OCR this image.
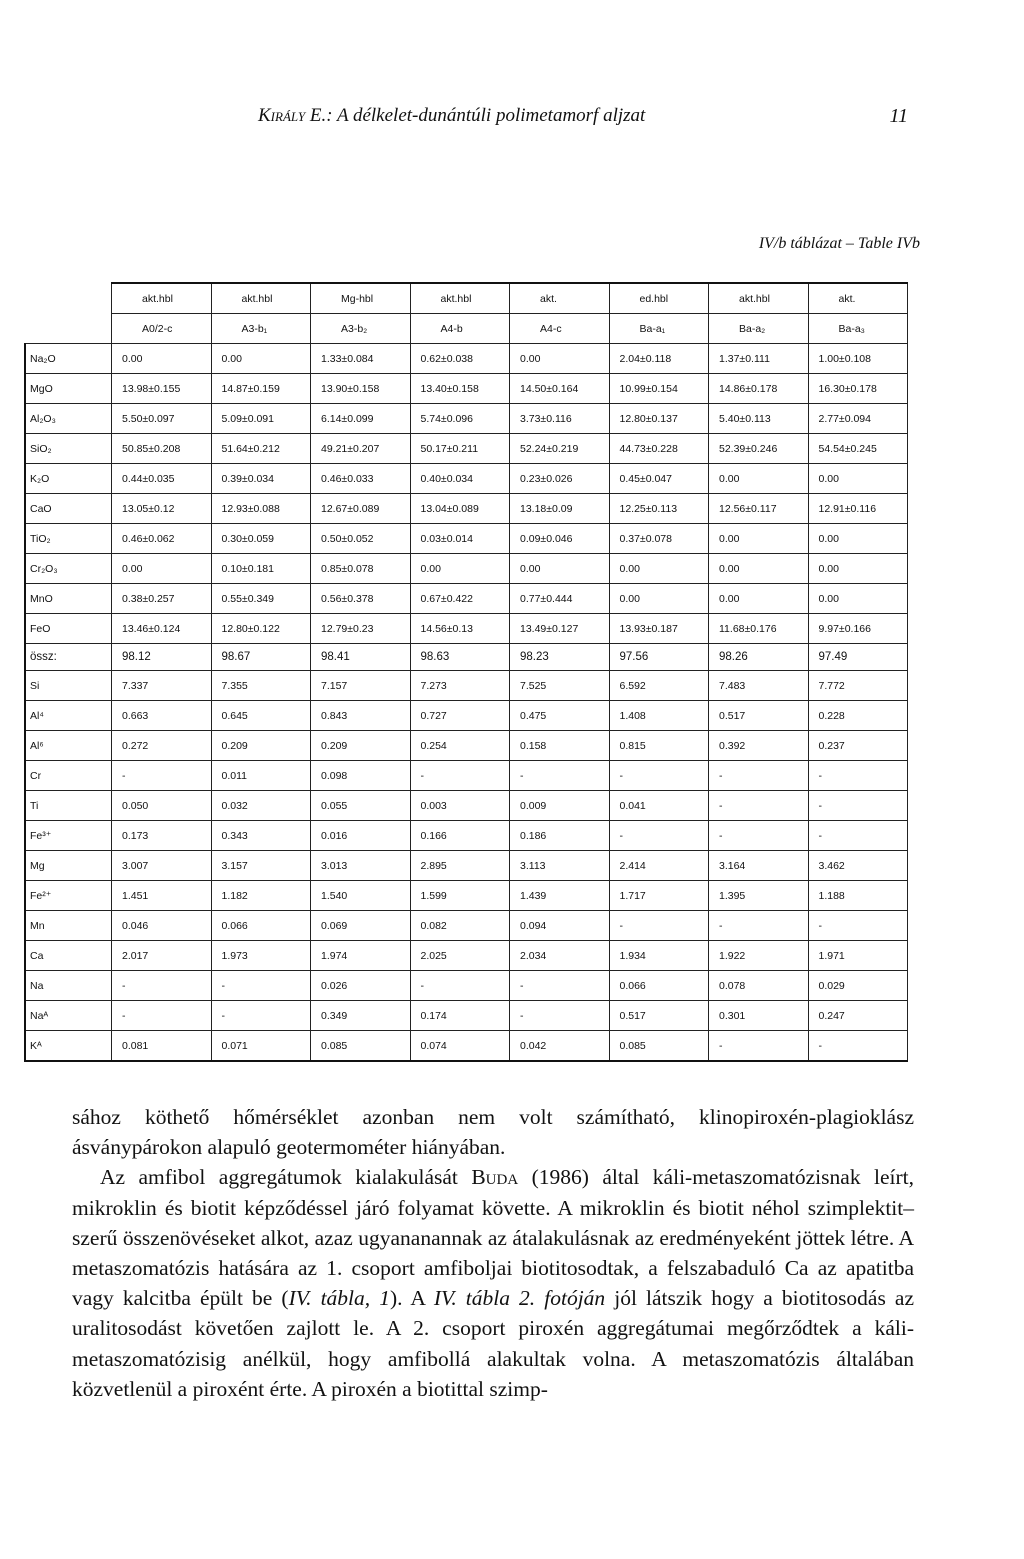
Király E.: A délkelet-dunántúli polimetamorf aljzat	11
IV/b táblázat – Table IVb
	akt.hbl	akt.hbl	Mg-hbl	akt.hbl	akt.	ed.hbl	akt.hbl	akt.
	A0/2-c	A3-b₁	A3-b₂	A4-b	A4-c	Ba-a₁	Ba-a₂	Ba-a₃
Na₂O	0.00	0.00	1.33±0.084	0.62±0.038	0.00	2.04±0.118	1.37±0.111	1.00±0.108
MgO	13.98±0.155	14.87±0.159	13.90±0.158	13.40±0.158	14.50±0.164	10.99±0.154	14.86±0.178	16.30±0.178
Al₂O₃	5.50±0.097	5.09±0.091	6.14±0.099	5.74±0.096	3.73±0.116	12.80±0.137	5.40±0.113	2.77±0.094
SiO₂	50.85±0.208	51.64±0.212	49.21±0.207	50.17±0.211	52.24±0.219	44.73±0.228	52.39±0.246	54.54±0.245
K₂O	0.44±0.035	0.39±0.034	0.46±0.033	0.40±0.034	0.23±0.026	0.45±0.047	0.00	0.00
CaO	13.05±0.12	12.93±0.088	12.67±0.089	13.04±0.089	13.18±0.09	12.25±0.113	12.56±0.117	12.91±0.116
TiO₂	0.46±0.062	0.30±0.059	0.50±0.052	0.03±0.014	0.09±0.046	0.37±0.078	0.00	0.00
Cr₂O₃	0.00	0.10±0.181	0.85±0.078	0.00	0.00	0.00	0.00	0.00
MnO	0.38±0.257	0.55±0.349	0.56±0.378	0.67±0.422	0.77±0.444	0.00	0.00	0.00
FeO	13.46±0.124	12.80±0.122	12.79±0.23	14.56±0.13	13.49±0.127	13.93±0.187	11.68±0.176	9.97±0.166
össz:	98.12	98.67	98.41	98.63	98.23	97.56	98.26	97.49
Si	7.337	7.355	7.157	7.273	7.525	6.592	7.483	7.772
Al⁴	0.663	0.645	0.843	0.727	0.475	1.408	0.517	0.228
Al⁶	0.272	0.209	0.209	0.254	0.158	0.815	0.392	0.237
Cr	-	0.011	0.098	-	-	-	-	-
Ti	0.050	0.032	0.055	0.003	0.009	0.041	-	-
Fe³⁺	0.173	0.343	0.016	0.166	0.186	-	-	-
Mg	3.007	3.157	3.013	2.895	3.113	2.414	3.164	3.462
Fe²⁺	1.451	1.182	1.540	1.599	1.439	1.717	1.395	1.188
Mn	0.046	0.066	0.069	0.082	0.094	-	-	-
Ca	2.017	1.973	1.974	2.025	2.034	1.934	1.922	1.971
Na	-	-	0.026	-	-	0.066	0.078	0.029
Naᴬ	-	-	0.349	0.174	-	0.517	0.301	0.247
Kᴬ	0.081	0.071	0.085	0.074	0.042	0.085	-	-

sához köthető hőmérséklet azonban nem volt számítható, klinopiroxén-plagioklász ásványpárokon alapuló geotermométer hiányában.

Az amfibol aggregátumok kialakulását Buda (1986) által káli-metaszomatózisnak leírt, mikroklin és biotit képződéssel járó folyamat követte. A mikroklin és biotit néhol szimplektit–szerű összenövéseket alkot, azaz ugyananannak az átalakulásnak az eredményeként jöttek létre. A metaszomatózis hatására az 1. csoport amfiboljai biotitosodtak, a felszabaduló Ca az apatitba vagy kalcitba épült be (IV. tábla, 1). A IV. tábla 2. fotóján jól látszik hogy a biotitosodás az uralitosodást követően zajlott le. A 2. csoport piroxén aggregátumai megőrződtek a káli-metaszomatózisig anélkül, hogy amfibollá alakultak volna. A metaszomatózis általában közvetlenül a piroxént érte. A piroxén a biotittal szimp-
